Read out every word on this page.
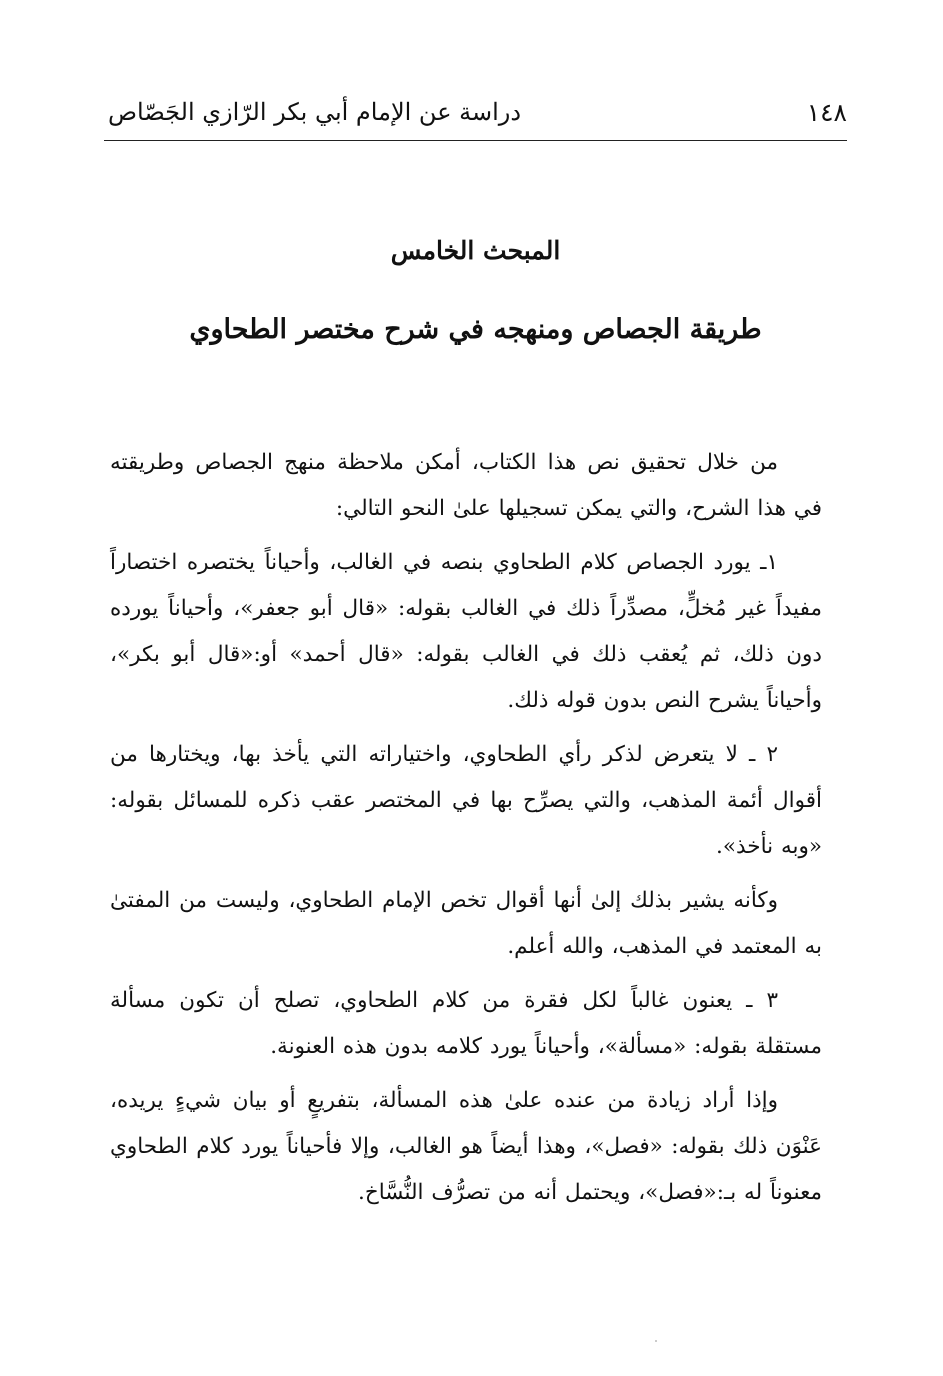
١٤٨
دراسة عن الإمام أبي بكر الرّازي الجَصّاص
المبحث الخامس
طريقة الجصاص ومنهجه في شرح مختصر الطحاوي

من خلال تحقيق نص هذا الكتاب، أمكن ملاحظة منهج الجصاص وطريقته في هذا الشرح، والتي يمكن تسجيلها علىٰ النحو التالي:

١ـ يورد الجصاص كلام الطحاوي بنصه في الغالب، وأحياناً يختصره اختصاراً مفيداً غير مُخلٍّ، مصدِّراً ذلك في الغالب بقوله: «قال أبو جعفر»، وأحياناً يورده دون ذلك، ثم يُعقب ذلك في الغالب بقوله: «قال أحمد» أو:«قال أبو بكر»، وأحياناً يشرح النص بدون قوله ذلك.

٢ ـ لا يتعرض لذكر رأي الطحاوي، واختياراته التي يأخذ بها، ويختارها من أقوال أئمة المذهب، والتي يصرِّح بها في المختصر عقب ذكره للمسائل بقوله: «وبه نأخذ».

وكأنه يشير بذلك إلىٰ أنها أقوال تخص الإمام الطحاوي، وليست من المفتىٰ به المعتمد في المذهب، والله أعلم.

٣ ـ يعنون غالباً لكل فقرة من كلام الطحاوي، تصلح أن تكون مسألة مستقلة بقوله: «مسألة»، وأحياناً يورد كلامه بدون هذه العنونة.

وإذا أراد زيادة من عنده علىٰ هذه المسألة، بتفريعٍ أو بيان شيءٍ يريده، عَنْوَن ذلك بقوله: «فصل»، وهذا أيضاً هو الغالب، وإلا فأحياناً يورد كلام الطحاوي معنوناً له بـ:«فصل»، ويحتمل أنه من تصرُّف النُّسَّاخ.
